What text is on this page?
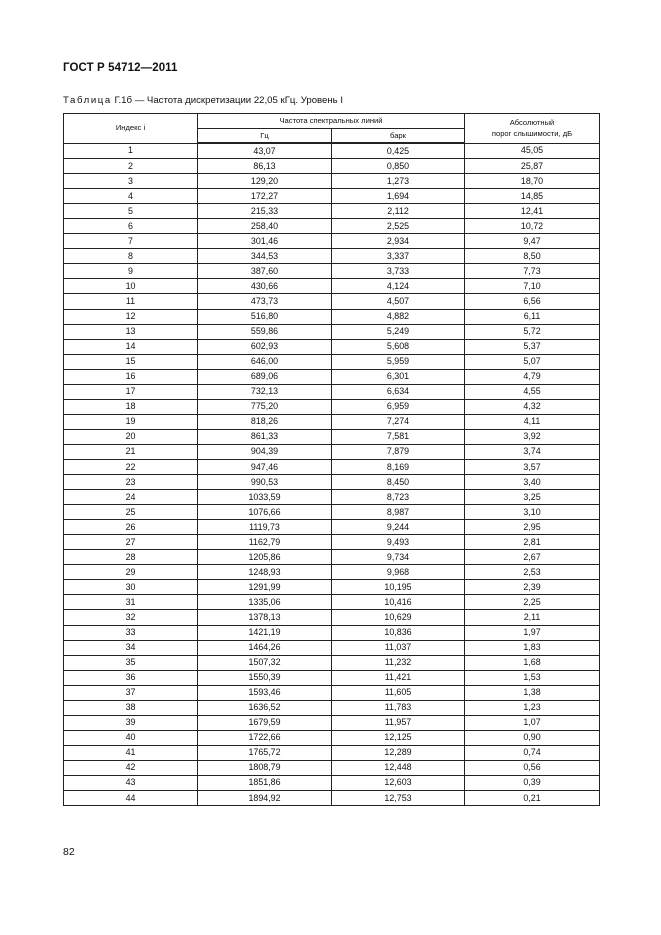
ГОСТ Р 54712—2011
Таблица Г.1б — Частота дискретизации 22,05 кГц. Уровень I
Индекс i	Частота спектральных линий		Абсолютный
порог слышимости, дБ

	Гц	барк	
1	43,07	0,425	45,05
2	86,13	0,850	25,87
3	129,20	1,273	18,70
4	172,27	1,694	14,85
5	215,33	2,112	12,41
6	258,40	2,525	10,72
7	301,46	2,934	9,47
8	344,53	3,337	8,50
9	387,60	3,733	7,73
10	430,66	4,124	7,10
11	473,73	4,507	6,56
12	516,80	4,882	6,11
13	559,86	5,249	5,72
14	602,93	5,608	5,37
15	646,00	5,959	5,07
16	689,06	6,301	4,79
17	732,13	6,634	4,55
18	775,20	6,959	4,32
19	818,26	7,274	4,11
20	861,33	7,581	3,92
21	904,39	7,879	3,74
22	947,46	8,169	3,57
23	990,53	8,450	3,40
24	1033,59	8,723	3,25
25	1076,66	8,987	3,10
26	1119,73	9,244	2,95
27	1162,79	9,493	2,81
28	1205,86	9,734	2,67
29	1248,93	9,968	2,53
30	1291,99	10,195	2,39
31	1335,06	10,416	2,25
32	1378,13	10,629	2,11
33	1421,19	10,836	1,97
34	1464,26	11,037	1,83
35	1507,32	11,232	1,68
36	1550,39	11,421	1,53
37	1593,46	11,605	1,38
38	1636,52	11,783	1,23
39	1679,59	11,957	1,07
40	1722,66	12,125	0,90
41	1765,72	12,289	0,74
42	1808,79	12,448	0,56
43	1851,86	12,603	0,39
44	1894,92	12,753	0,21
82
